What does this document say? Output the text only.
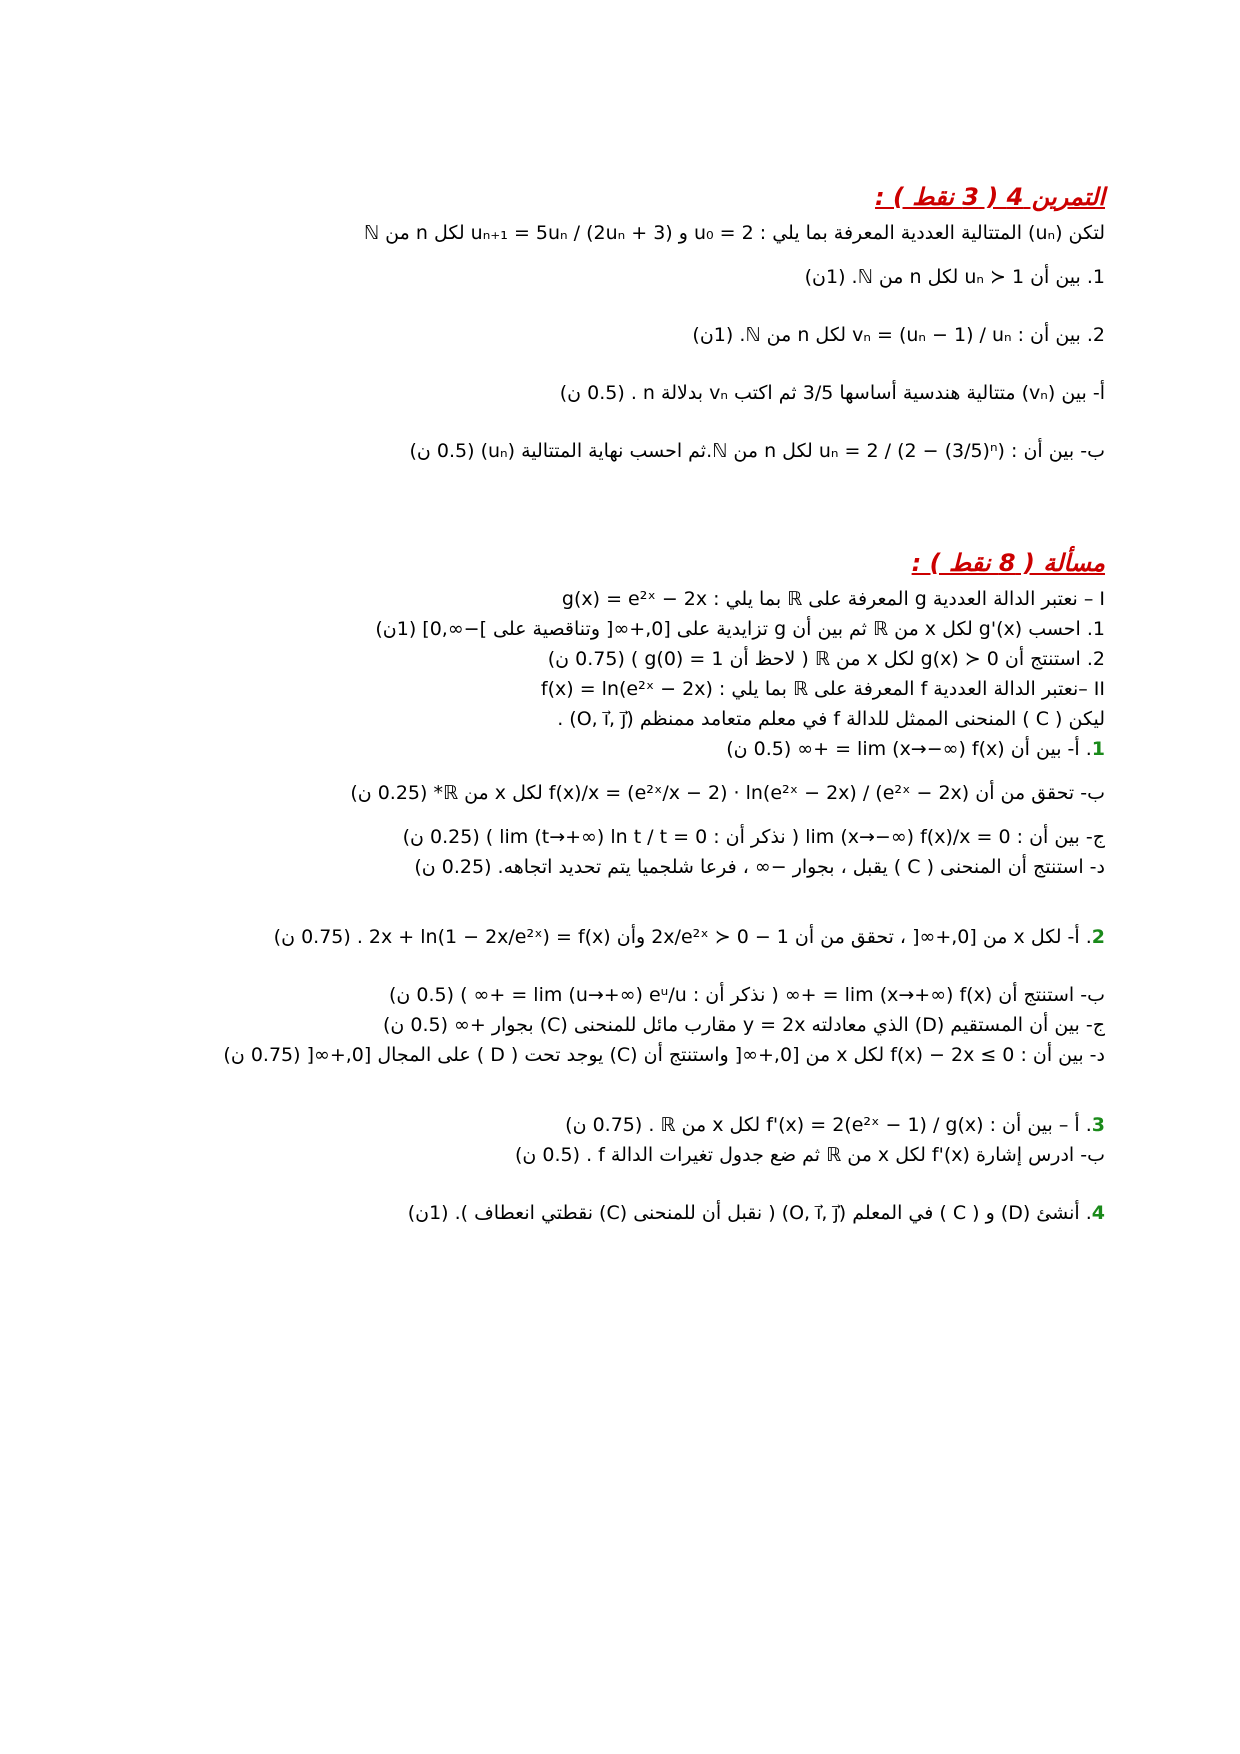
التمرين 4 ( 3 نقط ) :

لتكن (uₙ) المتتالية العددية المعرفة بما يلي : u₀ = 2 و uₙ₊₁ = 5uₙ / (2uₙ + 3) لكل n من ℕ

1. بين أن uₙ ≻ 1 لكل n من ℕ. (1ن)

2. بين أن : vₙ = (uₙ − 1) / uₙ لكل n من ℕ. (1ن)

أ- بين (vₙ) متتالية هندسية أساسها 3/5 ثم اكتب vₙ بدلالة n . (0.5 ن)

ب- بين أن : uₙ = 2 / (2 − (3/5)ⁿ) لكل n من ℕ.ثم احسب نهاية المتتالية (uₙ) (0.5 ن)

مسألة ( 8 نقط ) :

I – نعتبر الدالة العددية g المعرفة على ℝ بما يلي : g(x) = e²ˣ − 2x

1. احسب g'(x) لكل x من ℝ ثم بين أن g تزايدية على [0,+∞[ وتناقصية على ]−∞,0] (1ن)

2. استنتج أن g(x) ≻ 0 لكل x من ℝ ( لاحظ أن g(0) = 1 ) (0.75 ن)

II –نعتبر الدالة العددية f المعرفة على ℝ بما يلي : f(x) = ln(e²ˣ − 2x)

ليكن ( C ) المنحنى الممثل للدالة f في معلم متعامد ممنظم (O, i⃗, j⃗) .

1. أ- بين أن lim (x→−∞) f(x) = +∞ (0.5 ن)

ب- تحقق من أن f(x)/x = (e²ˣ/x − 2) · ln(e²ˣ − 2x) / (e²ˣ − 2x) لكل x من ℝ* (0.25 ن)

ج- بين أن : lim (x→−∞) f(x)/x = 0 ( نذكر أن : lim (t→+∞) ln t / t = 0 ) (0.25 ن)

د- استنتج أن المنحنى ( C ) يقبل ، بجوار −∞ ، فرعا شلجميا يتم تحديد اتجاهه. (0.25 ن)

2. أ- لكل x من [0,+∞[ ، تحقق من أن 1 − 2x/e²ˣ ≻ 0 وأن 2x + ln(1 − 2x/e²ˣ) = f(x) . (0.75 ن)

ب- استنتج أن lim (x→+∞) f(x) = +∞ ( نذكر أن : lim (u→+∞) eᵘ/u = +∞ ) (0.5 ن)

ج- بين أن المستقيم (D) الذي معادلته y = 2x مقارب مائل للمنحنى (C) بجوار +∞ (0.5 ن)

د- بين أن : f(x) − 2x ≤ 0 لكل x من [0,+∞[ واستنتج أن (C) يوجد تحت ( D ) على المجال [0,+∞[ (0.75 ن)

3. أ – بين أن : f'(x) = 2(e²ˣ − 1) / g(x) لكل x من ℝ . (0.75 ن)

ب- ادرس إشارة f'(x) لكل x من ℝ ثم ضع جدول تغيرات الدالة f . (0.5 ن)

4. أنشئ (D) و ( C ) في المعلم (O, i⃗, j⃗) ( نقبل أن للمنحنى (C) نقطتي انعطاف ). (1ن)
